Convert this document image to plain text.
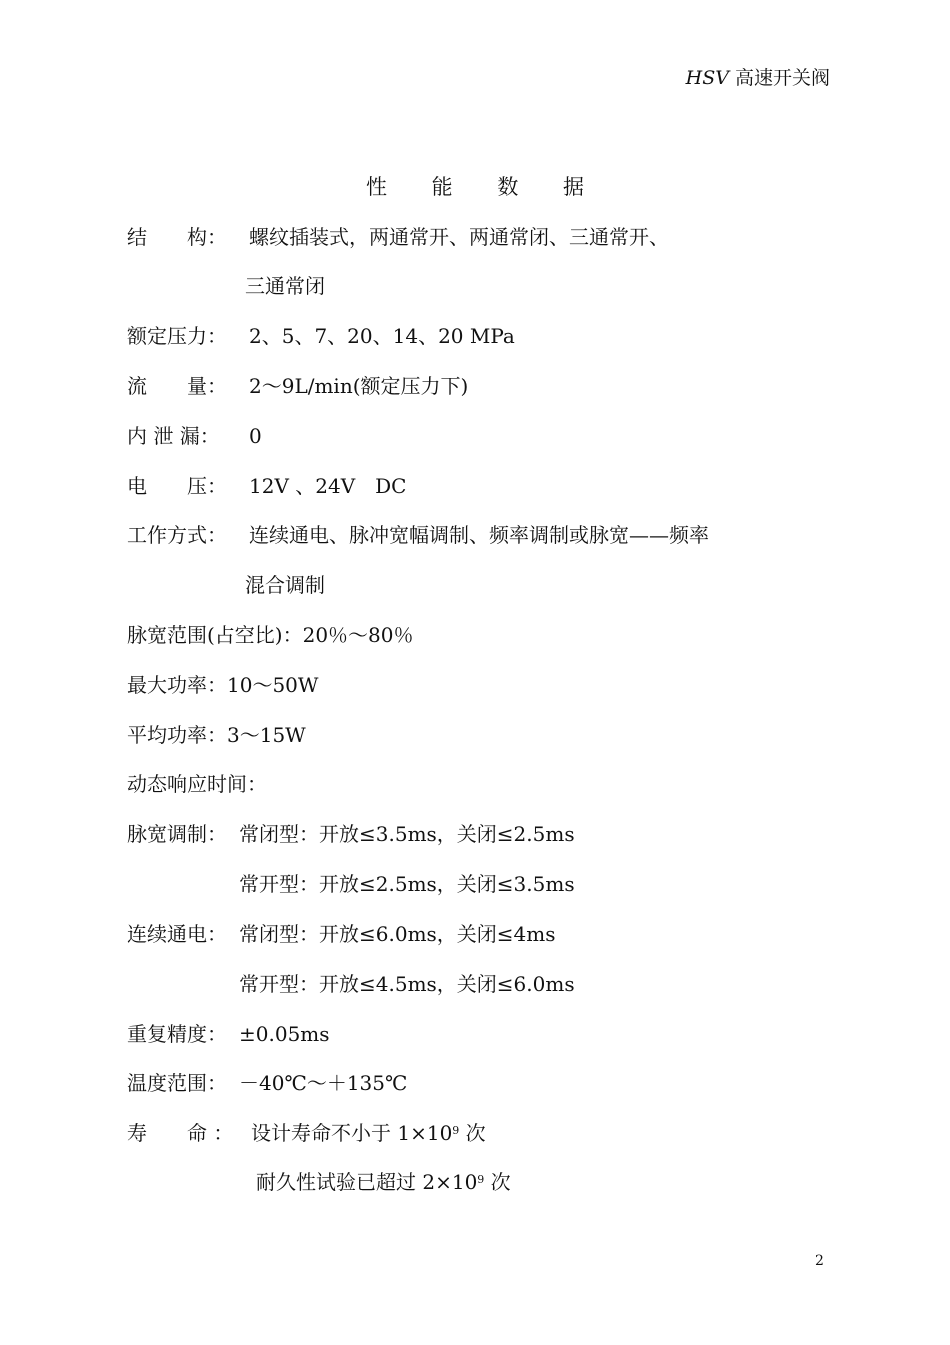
HSV 高速开关阀
性 能 数 据
结　　构： 螺纹插装式，两通常开、两通常闭、三通常开、
三通常闭
额定压力： 2、5、7、20、14、20 MPa
流　　量： 2～9L/min(额定压力下)
内 泄 漏： 0
电　　压： 12V 、24V　DC
工作方式： 连续通电、脉冲宽幅调制、频率调制或脉宽——频率
混合调制
脉宽范围(占空比)：20％～80％
最大功率：10～50W
平均功率：3～15W
动态响应时间：
脉宽调制： 常闭型：开放≤3.5ms，关闭≤2.5ms
常开型：开放≤2.5ms，关闭≤3.5ms
连续通电： 常闭型：开放≤6.0ms，关闭≤4ms
常开型：开放≤4.5ms，关闭≤6.0ms
重复精度： ±0.05ms
温度范围： －40℃～＋135℃
寿　　命 ： 设计寿命不小于 $1\times 10^9$ 次
耐久性试验已超过 $2\times 10^9$ 次
2
